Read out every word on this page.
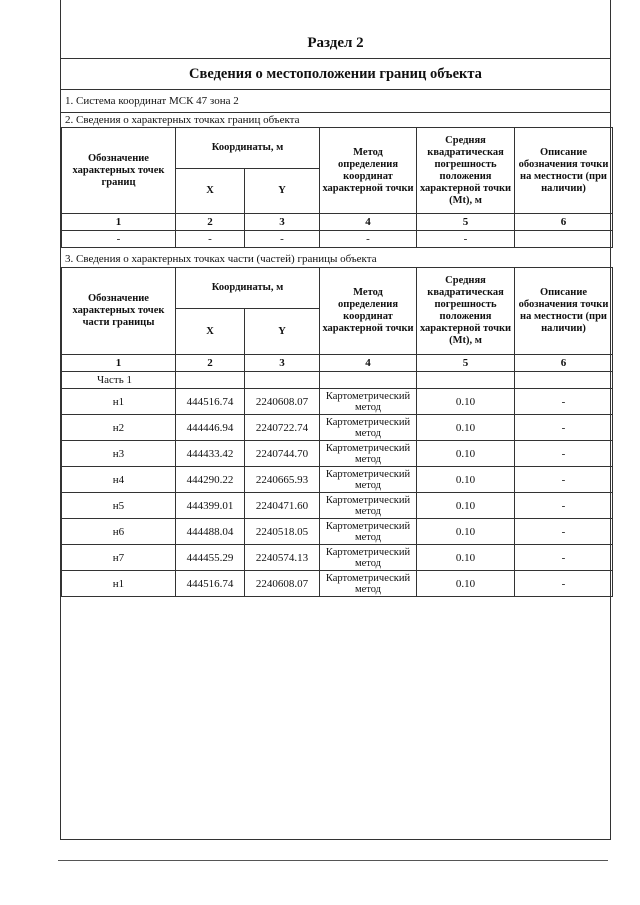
Раздел 2
Сведения о местоположении границ объекта
1. Система координат МСК 47 зона 2
2. Сведения о характерных точках границ объекта
Обозначение характерных точек границ	Координаты, м		Метод определения координат характерной точки	Средняя квадратическая погрешность положения характерной точки (Mt), м	Описание обозначения точки на местности (при наличии)
	X	Y			
1	2	3	4	5	6
-	-	-	-	-	
3. Сведения о характерных точках части (частей) границы объекта
Обозначение характерных точек части границы	Координаты, м		Метод определения координат характерной точки	Средняя квадратическая погрешность положения характерной точки (Mt), м	Описание обозначения точки на местности (при наличии)
	X	Y			
1	2	3	4	5	6
Часть 1					
н1	444516.74	2240608.07	Картометрический метод	0.10	-
н2	444446.94	2240722.74	Картометрический метод	0.10	-
н3	444433.42	2240744.70	Картометрический метод	0.10	-
н4	444290.22	2240665.93	Картометрический метод	0.10	-
н5	444399.01	2240471.60	Картометрический метод	0.10	-
н6	444488.04	2240518.05	Картометрический метод	0.10	-
н7	444455.29	2240574.13	Картометрический метод	0.10	-
н1	444516.74	2240608.07	Картометрический метод	0.10	-
